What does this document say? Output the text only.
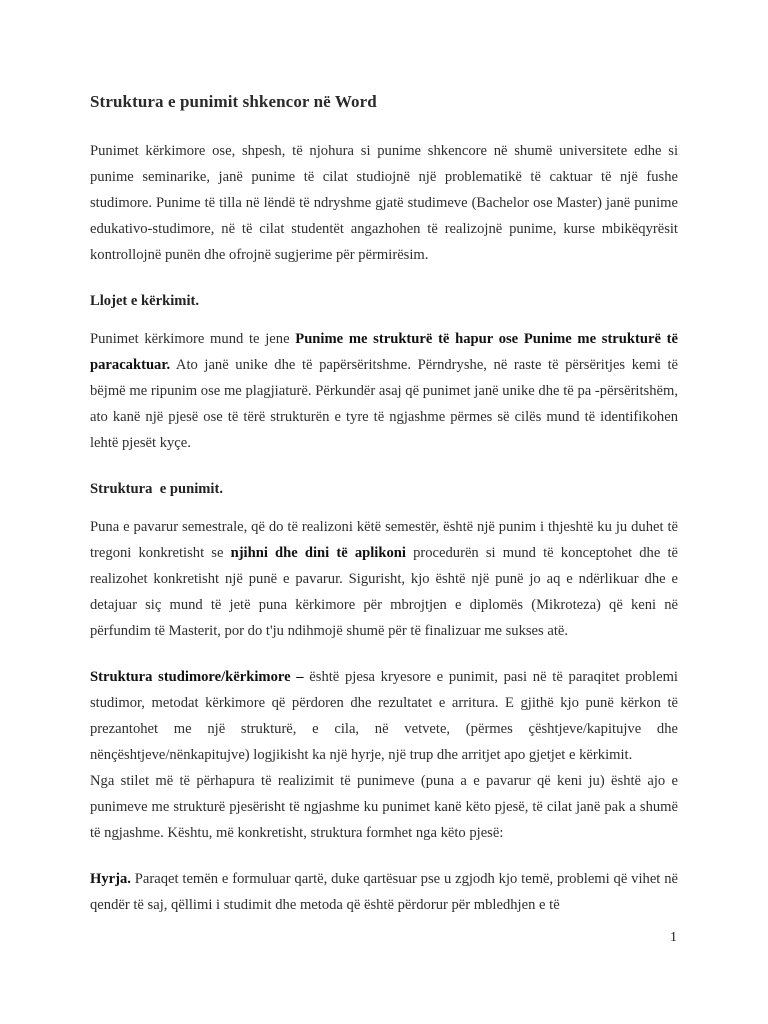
Struktura e punimit shkencor në Word

Punimet kërkimore ose, shpesh, të njohura si punime shkencore në shumë universitete edhe si punime seminarike, janë punime të cilat studiojnë një problematikë të caktuar të një fushe studimore. Punime të tilla në lëndë të ndryshme gjatë studimeve (Bachelor ose Master) janë punime edukativo-studimore, në të cilat studentët angazhohen të realizojnë punime, kurse mbikëqyrësit kontrollojnë punën dhe ofrojnë sugjerime për përmirësim.

Llojet e kërkimit.

Punimet kërkimore mund te jene Punime me strukturë të hapur ose Punime me strukturë të paracaktuar. Ato janë unike dhe të papërsëritshme. Përndryshe, në raste të përsëritjes kemi të bëjmë me ripunim ose me plagjiaturë. Përkundër asaj që punimet janë unike dhe të pa -përsëritshëm, ato kanë një pjesë ose të tërë strukturën e tyre të ngjashme përmes së cilës mund të identifikohen lehtë pjesët kyçe.

Struktura  e punimit.

Puna e pavarur semestrale, që do të realizoni këtë semestër, është një punim i thjeshtë ku ju duhet të tregoni konkretisht se njihni dhe dini të aplikoni procedurën si mund të konceptohet dhe të realizohet konkretisht një punë e pavarur. Sigurisht, kjo është një punë jo aq e ndërlikuar dhe e detajuar siç mund të jetë puna kërkimore për mbrojtjen e diplomës (Mikroteza) që keni në përfundim të Masterit, por do t'ju ndihmojë shumë për të finalizuar me sukses atë.

Struktura studimore/kërkimore – është pjesa kryesore e punimit, pasi në të paraqitet problemi studimor, metodat kërkimore që përdoren dhe rezultatet e arritura. E gjithë kjo punë kërkon të prezantohet me një strukturë, e cila, në vetvete, (përmes çështjeve/kapitujve dhe nënçështjeve/nënkapitujve) logjikisht ka një hyrje, një trup dhe arritjet apo gjetjet e kërkimit.

Nga stilet më të përhapura të realizimit të punimeve (puna a e pavarur që keni ju) është ajo e punimeve me strukturë pjesërisht të ngjashme ku punimet kanë këto pjesë, të cilat janë pak a shumë të ngjashme. Kështu, më konkretisht, struktura formhet nga këto pjesë:

Hyrja. Paraqet temën e formuluar qartë, duke qartësuar pse u zgjodh kjo temë, problemi që vihet në qendër të saj, qëllimi i studimit dhe metoda që është përdorur për mbledhjen e të

1
